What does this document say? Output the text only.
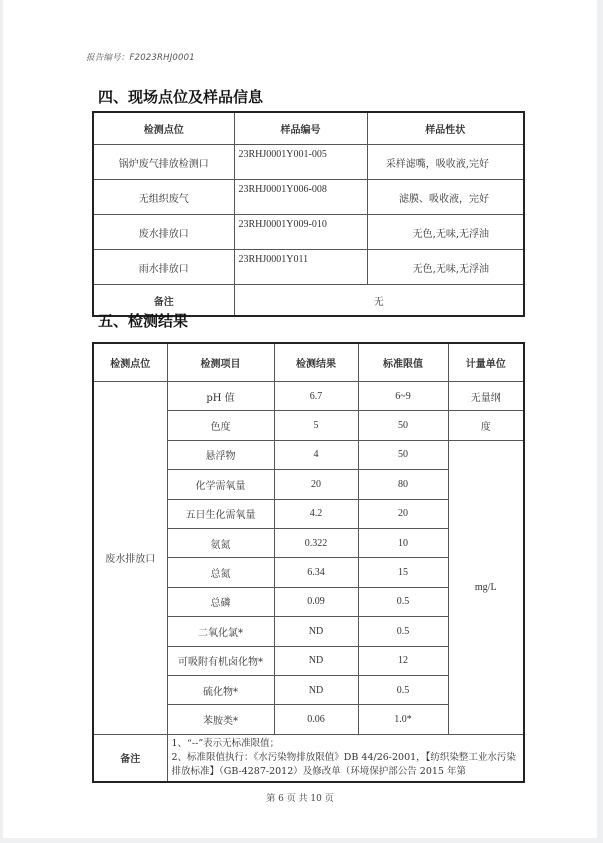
报告编号：F2023RHJ0001
四、现场点位及样品信息
检测点位	样品编号	样品性状
锅炉废气排放检测口	23RHJ0001Y001-005	采样滤嘴，吸收液,完好
无组织废气	23RHJ0001Y006-008	滤膜、吸收液，完好
废水排放口	23RHJ0001Y009-010	无色,无味,无浮油
雨水排放口	23RHJ0001Y011	无色,无味,无浮油
备注	无	
五、检测结果
检测点位	检测项目	检测结果	标准限值	计量单位
废水排放口	pH 值	6.7	6~9	无量纲
	色度	5	50	度
	悬浮物	4	50	mg/L
	化学需氧量	20	80	
	五日生化需氧量	4.2	20	
	氨氮	0.322	10	
	总氮	6.34	15	
	总磷	0.09	0.5	
	二氧化氯*	ND	0.5	
	可吸附有机卤化物*	ND	12	
	硫化物*	ND	0.5	
	苯胺类*	0.06	1.0*	
备注	1、“--”表示无标准限值；
2、标准限值执行：《水污染物排放限值》DB 44/26-2001，【纺织染整工业水污染排放标准】（GB-4287-2012）及修改单（环境保护部公告 2015 年第			
第 6 页 共 10 页
